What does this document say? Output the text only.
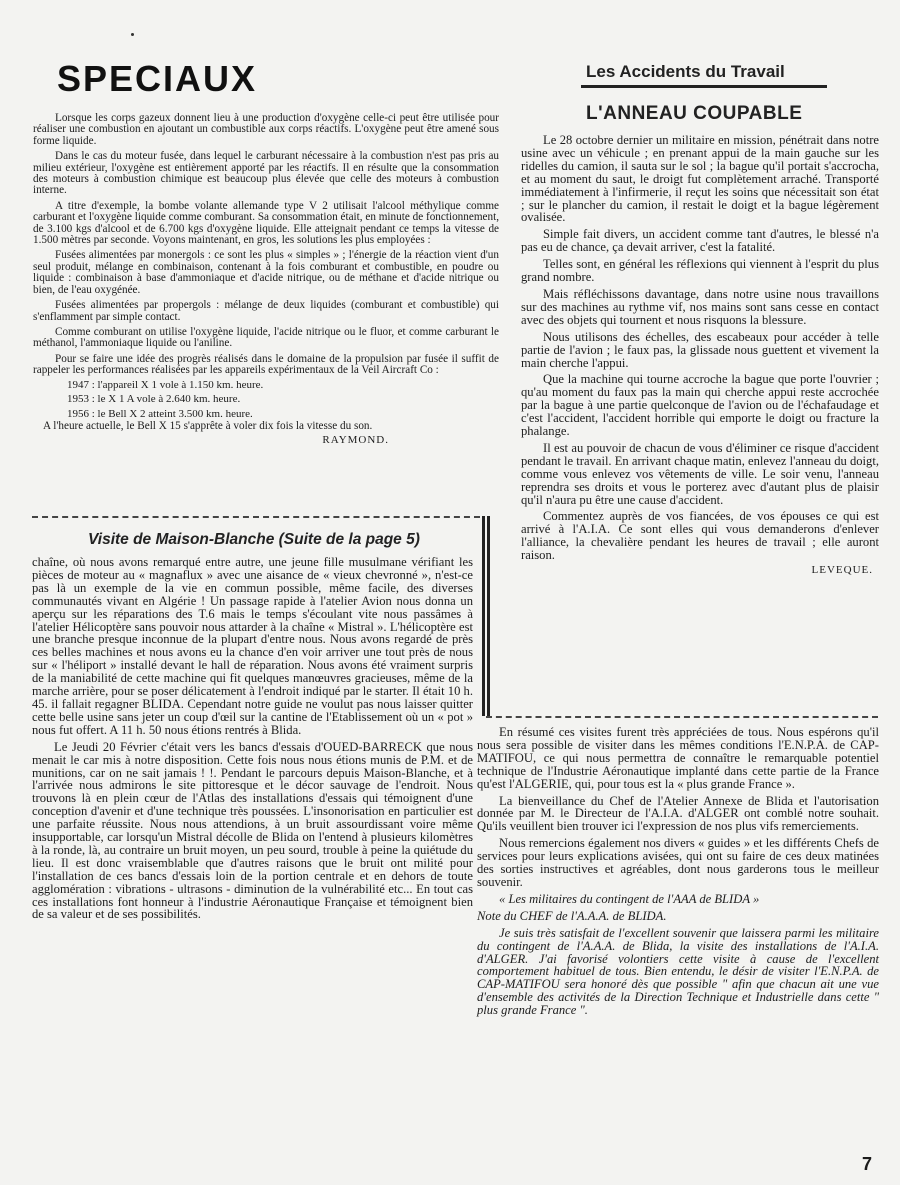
SPECIAUX

Lorsque les corps gazeux donnent lieu à une production d'oxygène celle-ci peut être utilisée pour réaliser une combustion en ajoutant un combustible aux corps réactifs. L'oxygène peut être amené sous forme liquide.

Dans le cas du moteur fusée, dans lequel le carburant nécessaire à la combustion n'est pas pris au milieu extérieur, l'oxygène est entièrement apporté par les réactifs. Il en résulte que la consommation des moteurs à combustion chimique est beaucoup plus élevée que celle des moteurs à combustion interne.

A titre d'exemple, la bombe volante allemande type V 2 utilisait l'alcool méthylique comme carburant et l'oxygène liquide comme comburant. Sa consommation était, en minute de fonctionnement, de 3.100 kgs d'alcool et de 6.700 kgs d'oxygène liquide. Elle atteignait pendant ce temps la vitesse de 1.500 mètres par seconde. Voyons maintenant, en gros, les solutions les plus employées :

Fusées alimentées par monergols : ce sont les plus « simples » ; l'énergie de la réaction vient d'un seul produit, mélange en combinaison, contenant à la fois comburant et combustible, en poudre ou liquide : combinaison à base d'ammoniaque et d'acide nitrique, ou de méthane et d'acide nitrique ou bien, de l'eau oxygénée.

Fusées alimentées par propergols : mélange de deux liquides (comburant et combustible) qui s'enflamment par simple contact.

Comme comburant on utilise l'oxygène liquide, l'acide nitrique ou le fluor, et comme carburant le méthanol, l'ammoniaque liquide ou l'aniline.

Pour se faire une idée des progrès réalisés dans le domaine de la propulsion par fusée il suffit de rappeler les performances réalisées par les appareils expérimentaux de la Veil Aircraft Co :

1947 : l'appareil X 1 vole à 1.150 km. heure.
1953 : le X 1 A vole à 2.640 km. heure.
1956 : le Bell X 2 atteint 3.500 km. heure.

A l'heure actuelle, le Bell X 15 s'apprête à voler dix fois la vitesse du son.

RAYMOND.
Les Accidents du Travail
L'ANNEAU COUPABLE

Le 28 octobre dernier un militaire en mission, pénétrait dans notre usine avec un véhicule ; en prenant appui de la main gauche sur les ridelles du camion, il sauta sur le sol ; la bague qu'il portait s'accrocha, et au moment du saut, le droigt fut complètement arraché. Transporté immédiatement à l'infirmerie, il reçut les soins que nécessitait son état ; sur le plancher du camion, il restait le doigt et la bague légèrement ovalisée.

Simple fait divers, un accident comme tant d'autres, le blessé n'a pas eu de chance, ça devait arriver, c'est la fatalité.

Telles sont, en général les réflexions qui viennent à l'esprit du plus grand nombre.

Mais réfléchissons davantage, dans notre usine nous travaillons sur des machines au rythme vif, nos mains sont sans cesse en contact avec des objets qui tournent et nous risquons la blessure.

Nous utilisons des échelles, des escabeaux pour accéder à telle partie de l'avion ; le faux pas, la glissade nous guettent et vivement la main cherche l'appui.

Que la machine qui tourne accroche la bague que porte l'ouvrier ; qu'au moment du faux pas la main qui cherche appui reste accrochée par la bague à une partie quelconque de l'avion ou de l'échafaudage et c'est l'accident, l'accident horrible qui emporte le doigt ou fracture la phalange.

Il est au pouvoir de chacun de vous d'éliminer ce risque d'accident pendant le travail. En arrivant chaque matin, enlevez l'anneau du doigt, comme vous enlevez vos vêtements de ville. Le soir venu, l'anneau reprendra ses droits et vous le porterez avec d'autant plus de plaisir qu'il n'aura pu être une cause d'accident.

Commentez auprès de vos fiancées, de vos épouses ce qui est arrivé à l'A.I.A. Ce sont elles qui vous demanderons d'enlever l'alliance, la chevalière pendant les heures de travail ; elle auront raison.

LEVEQUE.
Visite de Maison-Blanche (Suite de la page 5)

chaîne, où nous avons remarqué entre autre, une jeune fille musulmane vérifiant les pièces de moteur au « magnaflux » avec une aisance de « vieux chevronné », n'est-ce pas là un exemple de la vie en commun possible, même facile, des diverses communautés vivant en Algérie ! Un passage rapide à l'atelier Avion nous donna un aperçu sur les réparations des T.6 mais le temps s'écoulant vite nous passâmes à l'atelier Hélicoptère sans pouvoir nous attarder à la chaîne « Mistral ». L'hélicoptère est une branche presque inconnue de la plupart d'entre nous. Nous avons regardé de près ces belles machines et nous avons eu la chance d'en voir arriver une tout près de nous sur « l'héliport » installé devant le hall de réparation. Nous avons été vraiment surpris de la maniabilité de cette machine qui fit quelques manœuvres gracieuses, même de la marche arrière, pour se poser délicatement à l'endroit indiqué par le starter. Il était 10 h. 45. il fallait regagner BLIDA. Cependant notre guide ne voulut pas nous laisser quitter cette belle usine sans jeter un coup d'œil sur la cantine de l'Etablissement où un « pot » nous fut offert. A 11 h. 50 nous étions rentrés à Blida.

Le Jeudi 20 Février c'était vers les bancs d'essais d'OUED-BARRECK que nous menait le car mis à notre disposition. Cette fois nous nous étions munis de P.M. et de munitions, car on ne sait jamais ! !. Pendant le parcours depuis Maison-Blanche, et à l'arrivée nous admirons le site pittoresque et le décor sauvage de l'endroit. Nous trouvons là en plein cœur de l'Atlas des installations d'essais qui témoignent d'une conception d'avenir et d'une technique très poussées. L'insonorisation en particulier est une parfaite réussite. Nous nous attendions, à un bruit assourdissant voire même insupportable, car lorsqu'un Mistral décolle de Blida on l'entend à plusieurs kilomètres à la ronde, là, au contraire un bruit moyen, un peu sourd, trouble à peine la quiétude du lieu. Il est donc vraisemblable que d'autres raisons que le bruit ont milité pour l'installation de ces bancs d'essais loin de la portion centrale et en dehors de toute agglomération : vibrations - ultrasons - diminution de la vulnérabilité etc... En tout cas ces installations font honneur à l'industrie Aéronautique Française et témoignent bien de sa valeur et de ses possibilités.

En résumé ces visites furent très appréciées de tous. Nous espérons qu'il nous sera possible de visiter dans les mêmes conditions l'E.N.P.A. de CAP-MATIFOU, ce qui nous permettra de connaître le remarquable potentiel technique de l'Industrie Aéronautique implanté dans cette partie de la France qu'est l'ALGERIE, qui, pour tous est la « plus grande France ».

La bienveillance du Chef de l'Atelier Annexe de Blida et l'autorisation donnée par M. le Directeur de l'A.I.A. d'ALGER ont comblé notre souhait. Qu'ils veuillent bien trouver ici l'expression de nos plus vifs remerciements.

Nous remercions également nos divers « guides » et les différents Chefs de services pour leurs explications avisées, qui ont su faire de ces deux matinées des sorties instructives et agréables, dont nous garderons tous le meilleur souvenir.

« Les militaires du contingent de l'AAA de BLIDA »

Note du CHEF de l'A.A.A. de BLIDA.

Je suis très satisfait de l'excellent souvenir que laissera parmi les militaire du contingent de l'A.A.A. de Blida, la visite des installations de l'A.I.A. d'ALGER. J'ai favorisé volontiers cette visite à cause de l'excellent comportement habituel de tous. Bien entendu, le désir de visiter l'E.N.P.A. de CAP-MATIFOU sera honoré dès que possible " afin que chacun ait une vue d'ensemble des activités de la Direction Technique et Industrielle dans cette " plus grande France ".

7
